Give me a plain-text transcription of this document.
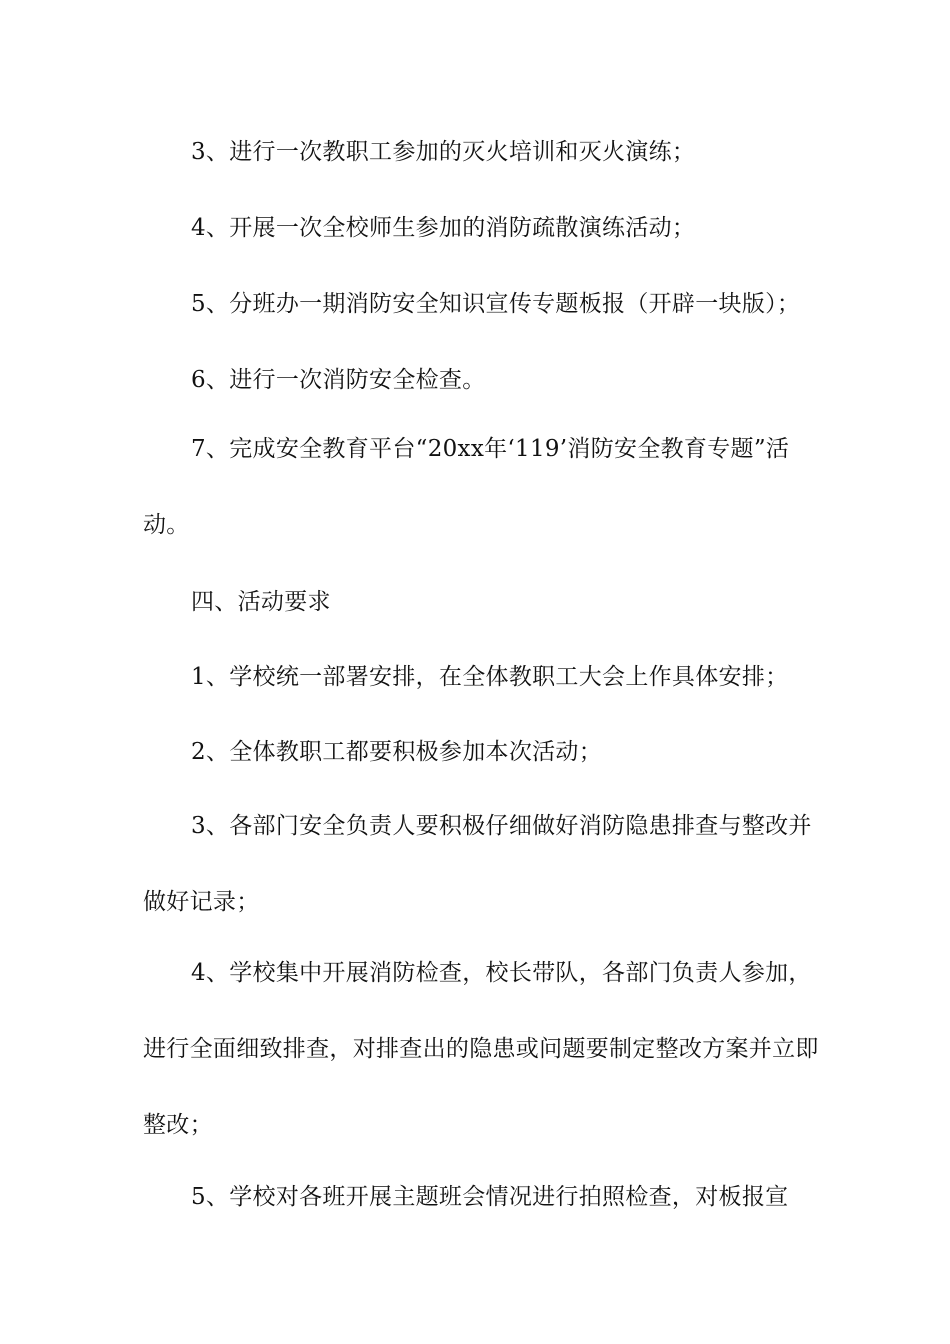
3、进行一次教职工参加的灭火培训和灭火演练；

4、开展一次全校师生参加的消防疏散演练活动；

5、分班办一期消防安全知识宣传专题板报（开辟一块版）；

6、进行一次消防安全检查。

7、完成安全教育平台“20xx年‘119’消防安全教育专题”活动。

四、活动要求

1、学校统一部署安排，在全体教职工大会上作具体安排；

2、全体教职工都要积极参加本次活动；

3、各部门安全负责人要积极仔细做好消防隐患排查与整改并做好记录；

4、学校集中开展消防检查，校长带队，各部门负责人参加，进行全面细致排查，对排查出的隐患或问题要制定整改方案并立即整改；

5、学校对各班开展主题班会情况进行拍照检查，对板报宣
